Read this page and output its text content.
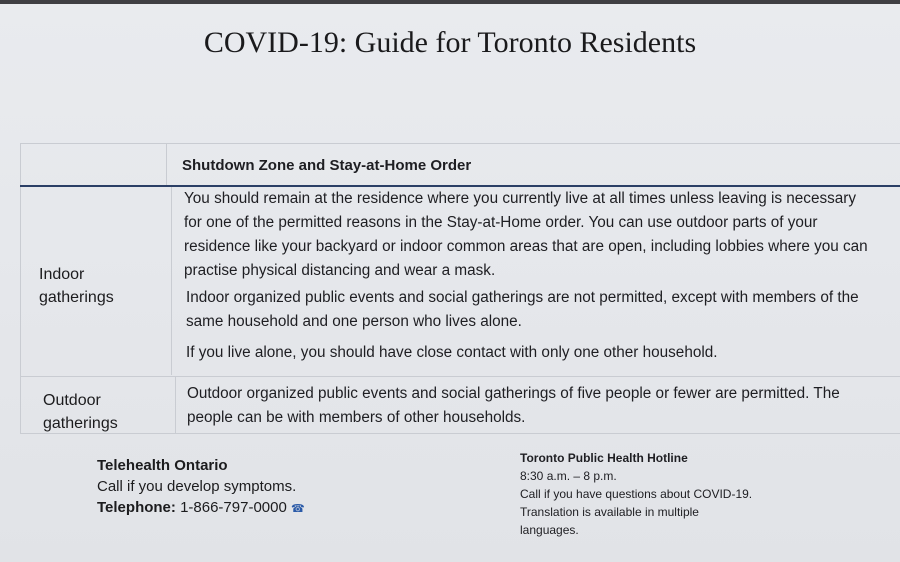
COVID-19: Guide for Toronto Residents
Shutdown Zone and Stay-at-Home Order
Indoor
gatherings
You should remain at the residence where you currently live at all times unless leaving is necessary
for one of the permitted reasons in the Stay-at-Home order. You can use outdoor parts of your
residence like your backyard or indoor common areas that are open, including lobbies where you can
practise physical distancing and wear a mask.
Indoor organized public events and social gatherings are not permitted, except with members of the
same household and one person who lives alone.
If you live alone, you should have close contact with only one other household.
Outdoor
gatherings
Outdoor organized public events and social gatherings of five people or fewer are permitted. The
people can be with members of other households.
Telehealth Ontario
Call if you develop symptoms.
Telephone: 1-866-797-0000 ☎
Toronto Public Health Hotline
8:30 a.m. – 8 p.m.
Call if you have questions about COVID-19.
Translation is available in multiple
languages.
